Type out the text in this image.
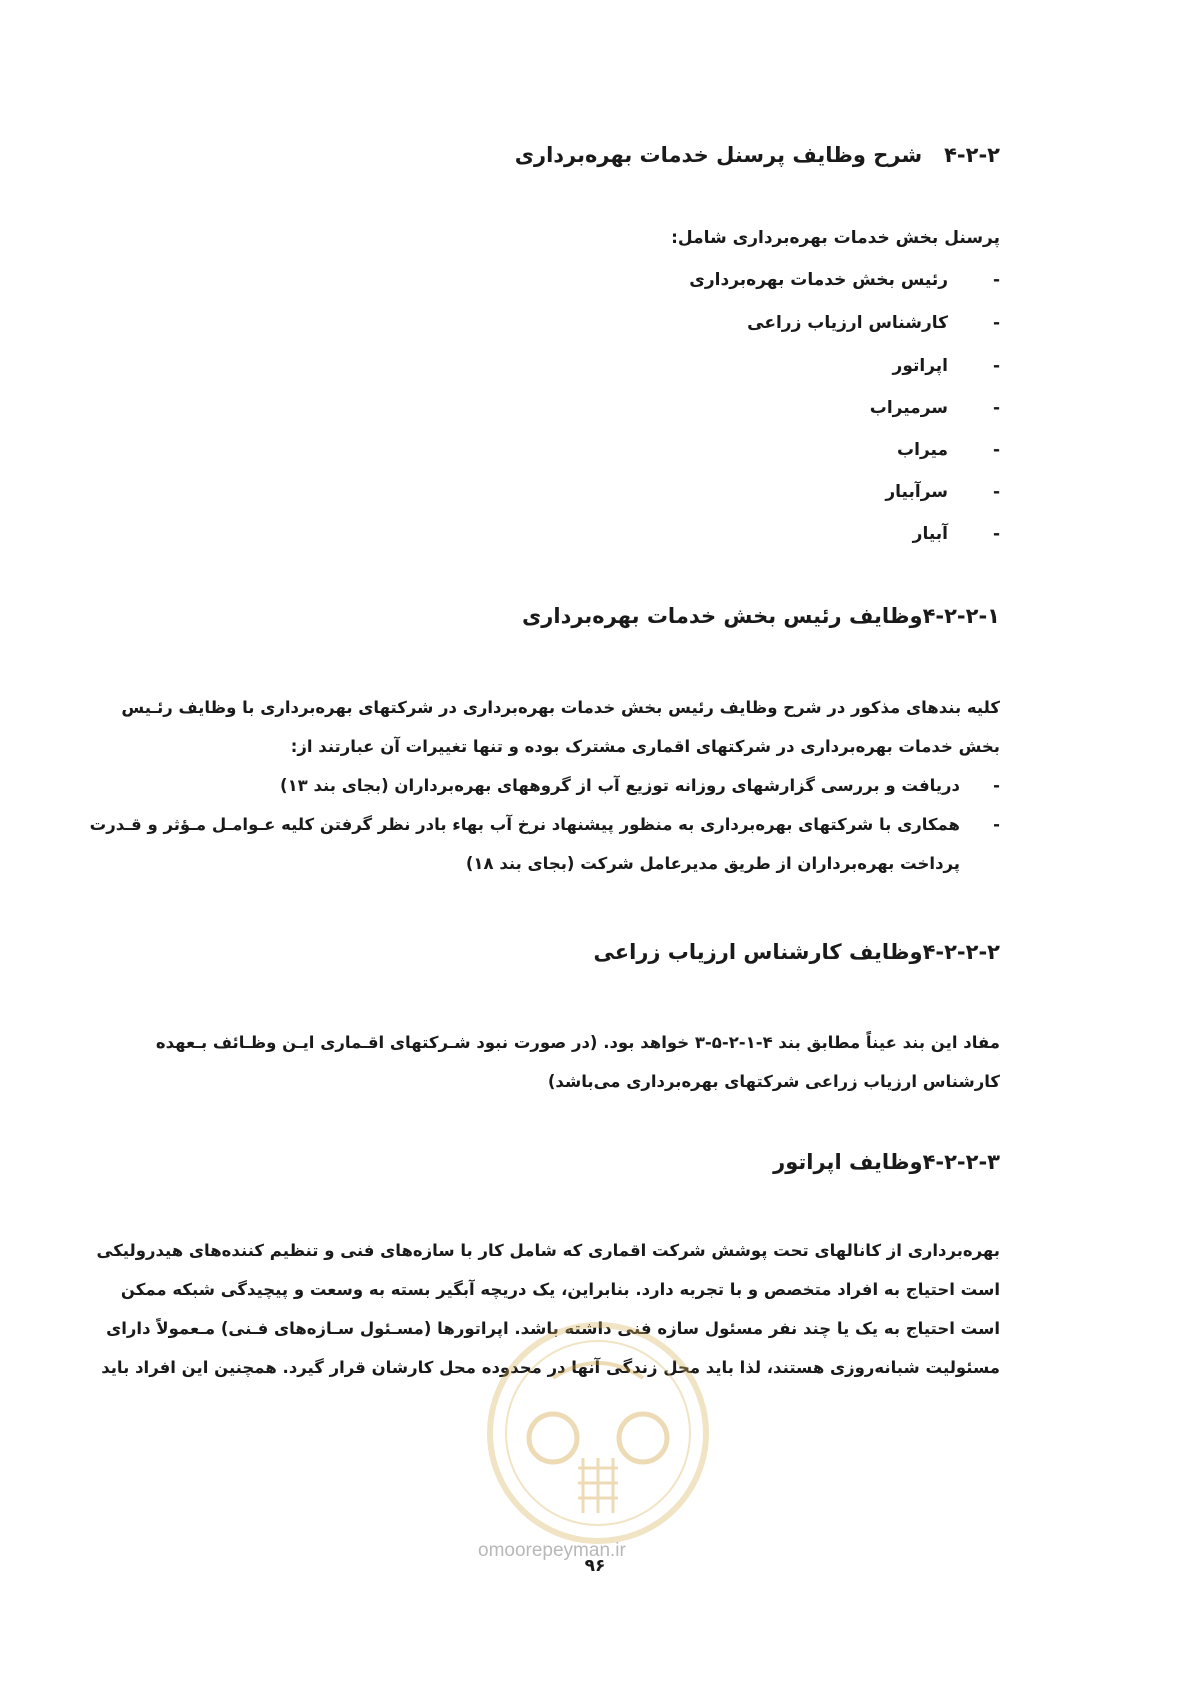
۴-۲-۲شرح وظایف پرسنل خدمات بهره‌برداری
پرسنل بخش خدمات بهره‌برداری شامل:
-رئیس بخش خدمات بهره‌برداری
-کارشناس ارزیاب زراعی
-اپراتور
-سرمیراب
-میراب
-سرآبیار
-آبیار
۴-۲-۲-۱وظایف رئیس بخش خدمات بهره‌برداری
کلیه بندهای مذکور در شرح وظایف رئیس بخش خدمات بهره‌برداری در شرکتهای بهره‌برداری با وظایف رئـیس
بخش خدمات بهره‌برداری در شرکتهای اقماری مشترک بوده و تنها تغییرات آن عبارتند از:
-دریافت و بررسی گزارشهای روزانه توزیع آب از گروههای بهره‌برداران (بجای بند ۱۳)
-همکاری با شرکتهای بهره‌برداری به منظور پیشنهاد نرخ آب بهاء بادر نظر گرفتن کلیه عـوامـل مـؤثر و قـدرت
پرداخت بهره‌برداران از طریق مدیرعامل شرکت (بجای بند ۱۸)
۴-۲-۲-۲وظایف کارشناس ارزیاب زراعی
مفاد این بند عیناً مطابق بند ۴-۱-۲-۵-۳ خواهد بود. (در صورت نبود شـرکتهای اقـماری ایـن وظـائف بـعهده
کارشناس ارزیاب زراعی شرکتهای بهره‌برداری می‌باشد)
۴-۲-۲-۳وظایف اپراتور
بهره‌برداری از کانالهای تحت پوشش شرکت اقماری که شامل کار با سازه‌های فنی و تنظیم کننده‌های هیدرولیکی
است احتیاج به افراد متخصص و با تجربه دارد. بنابراین، یک دریچه آبگیر بسته به وسعت و پیچیدگی شبکه ممکن
است احتیاج به یک یا چند نفر مسئول سازه فنی داشته باشد. اپراتورها (مسـئول سـازه‌های فـنی) مـعمولاً دارای
مسئولیت شبانه‌روزی هستند، لذا باید محل زندگی آنها در محدوده محل کارشان قرار گیرد. همچنین این افراد باید
omoorepeyman.ir
۹۶
